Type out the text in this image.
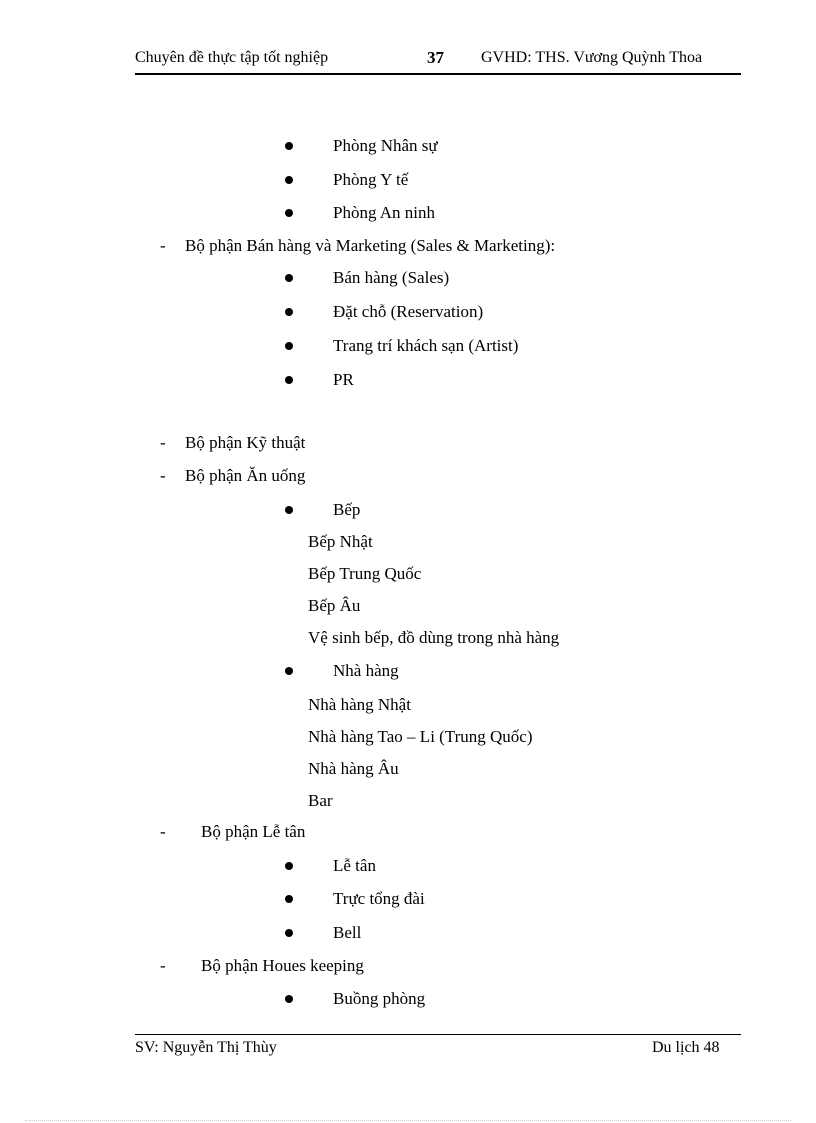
Chuyên đề thực tập tốt nghiệp	37 GVHD: THS. Vương Quỳnh Thoa
Phòng Nhân sự
Phòng Y tế
Phòng An ninh
- Bộ phận Bán hàng và Marketing (Sales & Marketing):
Bán hàng (Sales)
Đặt chỗ (Reservation)
Trang trí khách sạn (Artist)
PR
- Bộ phận Kỹ thuật
- Bộ phận Ăn uống
Bếp
Bếp Nhật
Bếp Trung Quốc
Bếp Âu
Vệ sinh bếp, đồ dùng trong nhà hàng
Nhà hàng
Nhà hàng Nhật
Nhà hàng Tao – Li (Trung Quốc)
Nhà hàng Âu
Bar
- Bộ phận Lễ tân
Lễ tân
Trực tổng đài
Bell
- Bộ phận Houes keeping
Buồng phòng
SV: Nguyễn Thị Thùy	Du lịch 48
